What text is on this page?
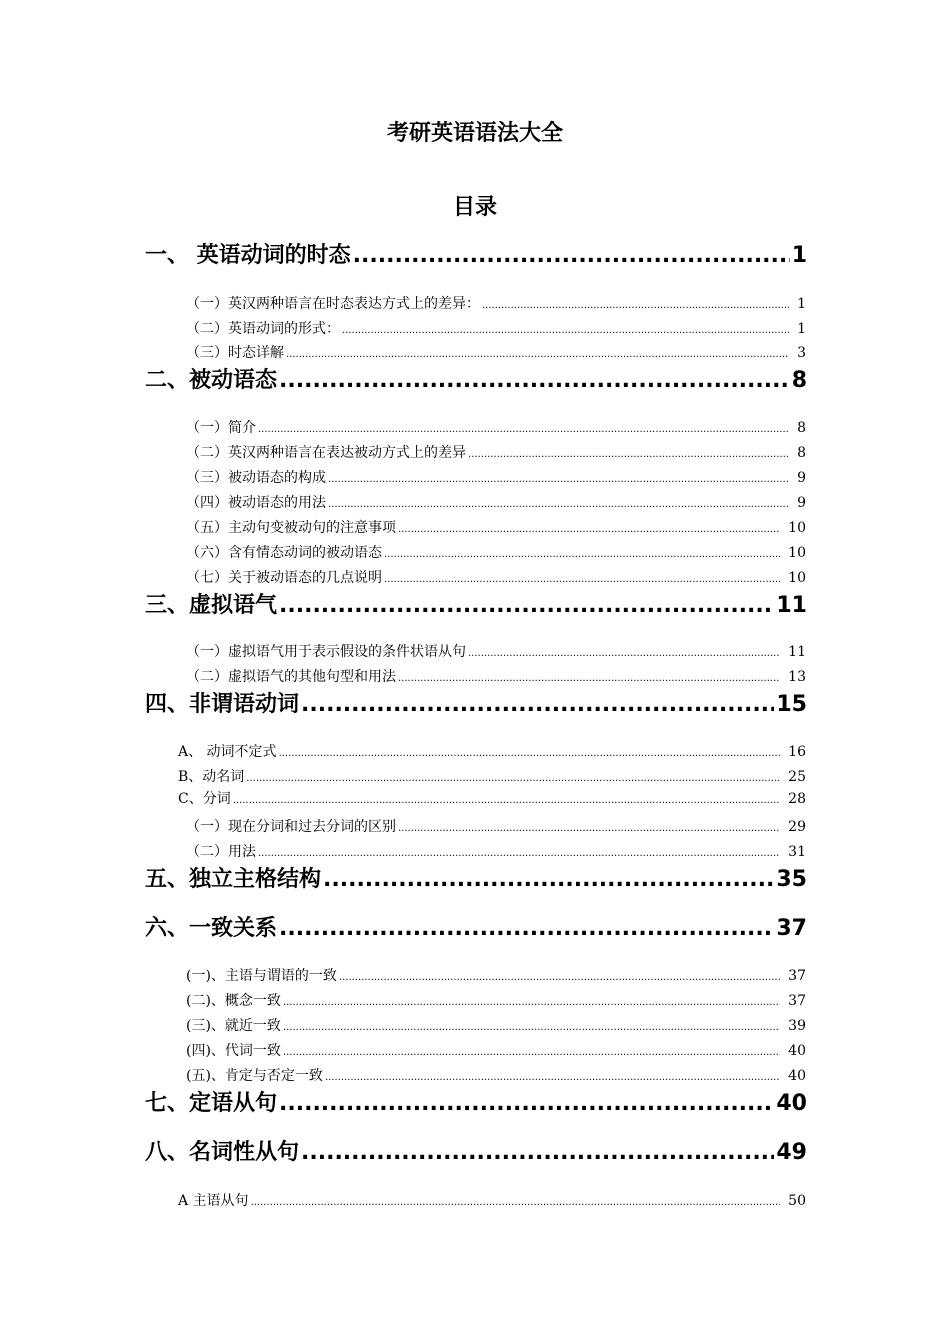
考研英语语法大全
目录
一、 英语动词的时态 .....	1
（一）英汉两种语言在时态表达方式上的差异： .....	1
（二）英语动词的形式： .....	1
（三）时态详解 .....	3
二、被动语态 .....	8
（一）简介 .....	8
（二）英汉两种语言在表达被动方式上的差异 .....	8
（三）被动语态的构成 .....	9
（四）被动语态的用法 .....	9
（五）主动句变被动句的注意事项 .....	10
（六）含有情态动词的被动语态 .....	10
（七）关于被动语态的几点说明 .....	10
三、虚拟语气 .....	11
（一）虚拟语气用于表示假设的条件状语从句 .....	11
（二）虚拟语气的其他句型和用法 .....	13
四、非谓语动词 .....	15
A、 动词不定式 .....	16
B、动名词 .....	25
C、分词 .....	28
（一）现在分词和过去分词的区别 .....	29
（二）用法 .....	31
五、独立主格结构 .....	35
六、一致关系 .....	37
(一)、主语与谓语的一致 .....	37
(二)、概念一致 .....	37
(三)、就近一致 .....	39
(四)、代词一致 .....	40
(五)、肯定与否定一致 .....	40
七、定语从句 .....	40
八、名词性从句 .....	49
A 主语从句 .....	50
